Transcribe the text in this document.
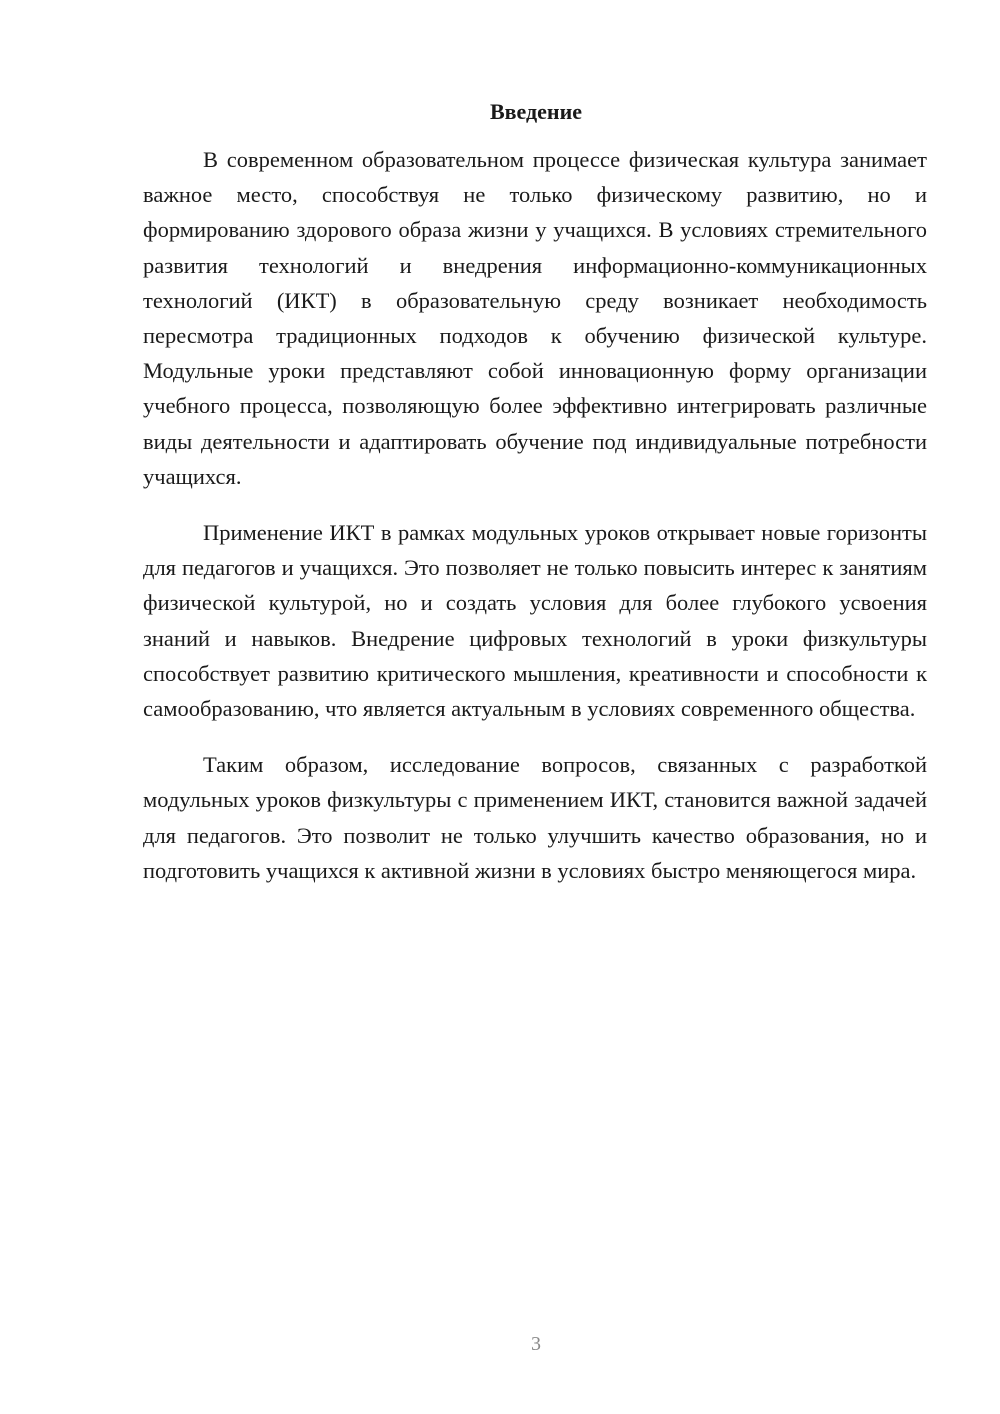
Введение

В современном образовательном процессе физическая культура занимает важное место, способствуя не только физическому развитию, но и формированию здорового образа жизни у учащихся. В условиях стремительного развития технологий и внедрения информационно-коммуникационных технологий (ИКТ) в образовательную среду возникает необходимость пересмотра традиционных подходов к обучению физической культуре. Модульные уроки представляют собой инновационную форму организации учебного процесса, позволяющую более эффективно интегрировать различные виды деятельности и адаптировать обучение под индивидуальные потребности учащихся.

Применение ИКТ в рамках модульных уроков открывает новые горизонты для педагогов и учащихся. Это позволяет не только повысить интерес к занятиям физической культурой, но и создать условия для более глубокого усвоения знаний и навыков. Внедрение цифровых технологий в уроки физкультуры способствует развитию критического мышления, креативности и способности к самообразованию, что является актуальным в условиях современного общества.

Таким образом, исследование вопросов, связанных с разработкой модульных уроков физкультуры с применением ИКТ, становится важной задачей для педагогов. Это позволит не только улучшить качество образования, но и подготовить учащихся к активной жизни в условиях быстро меняющегося мира.

3
